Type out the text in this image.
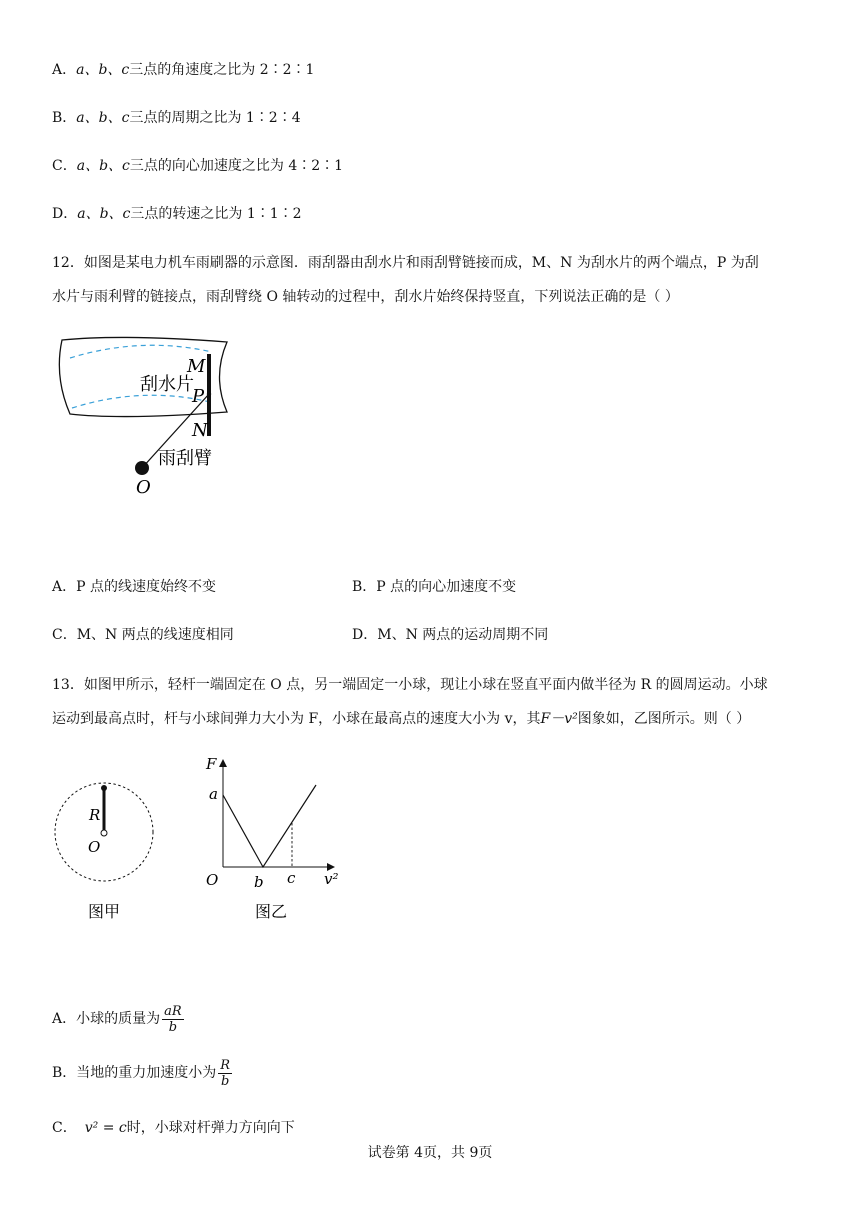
A．a、b、c三点的角速度之比为 2∶2∶1
B．a、b、c三点的周期之比为 1∶2∶4
C．a、b、c三点的向心加速度之比为 4∶2∶1
D．a、b、c三点的转速之比为 1∶1∶2
12．如图是某电力机车雨刷器的示意图．雨刮器由刮水片和雨刮臂链接而成，M、N 为刮水片的两个端点，P 为刮
水片与雨利臂的链接点，雨刮臂绕 O 轴转动的过程中，刮水片始终保持竖直，下列说法正确的是（ ）
M
P
N
O
刮水片
雨刮臂
A．P 点的线速度始终不变	B．P 点的向心加速度不变
C．M、N 两点的线速度相同	D．M、N 两点的运动周期不同
13．如图甲所示，轻杆一端固定在 O 点，另一端固定一小球，现让小球在竖直平面内做半径为 R 的圆周运动。小球
运动到最高点时，杆与小球间弹力大小为 F，小球在最高点的速度大小为 v，其F－v²图象如，乙图所示。则（ ）
R
O
图甲
F
a
O b c v²
图乙
A．小球的质量为 $\frac{aR}{b}$
B．当地的重力加速度小为 $\frac{R}{b}$
C． v² = c时，小球对杆弹力方向向下
试卷第 4页，共 9页
